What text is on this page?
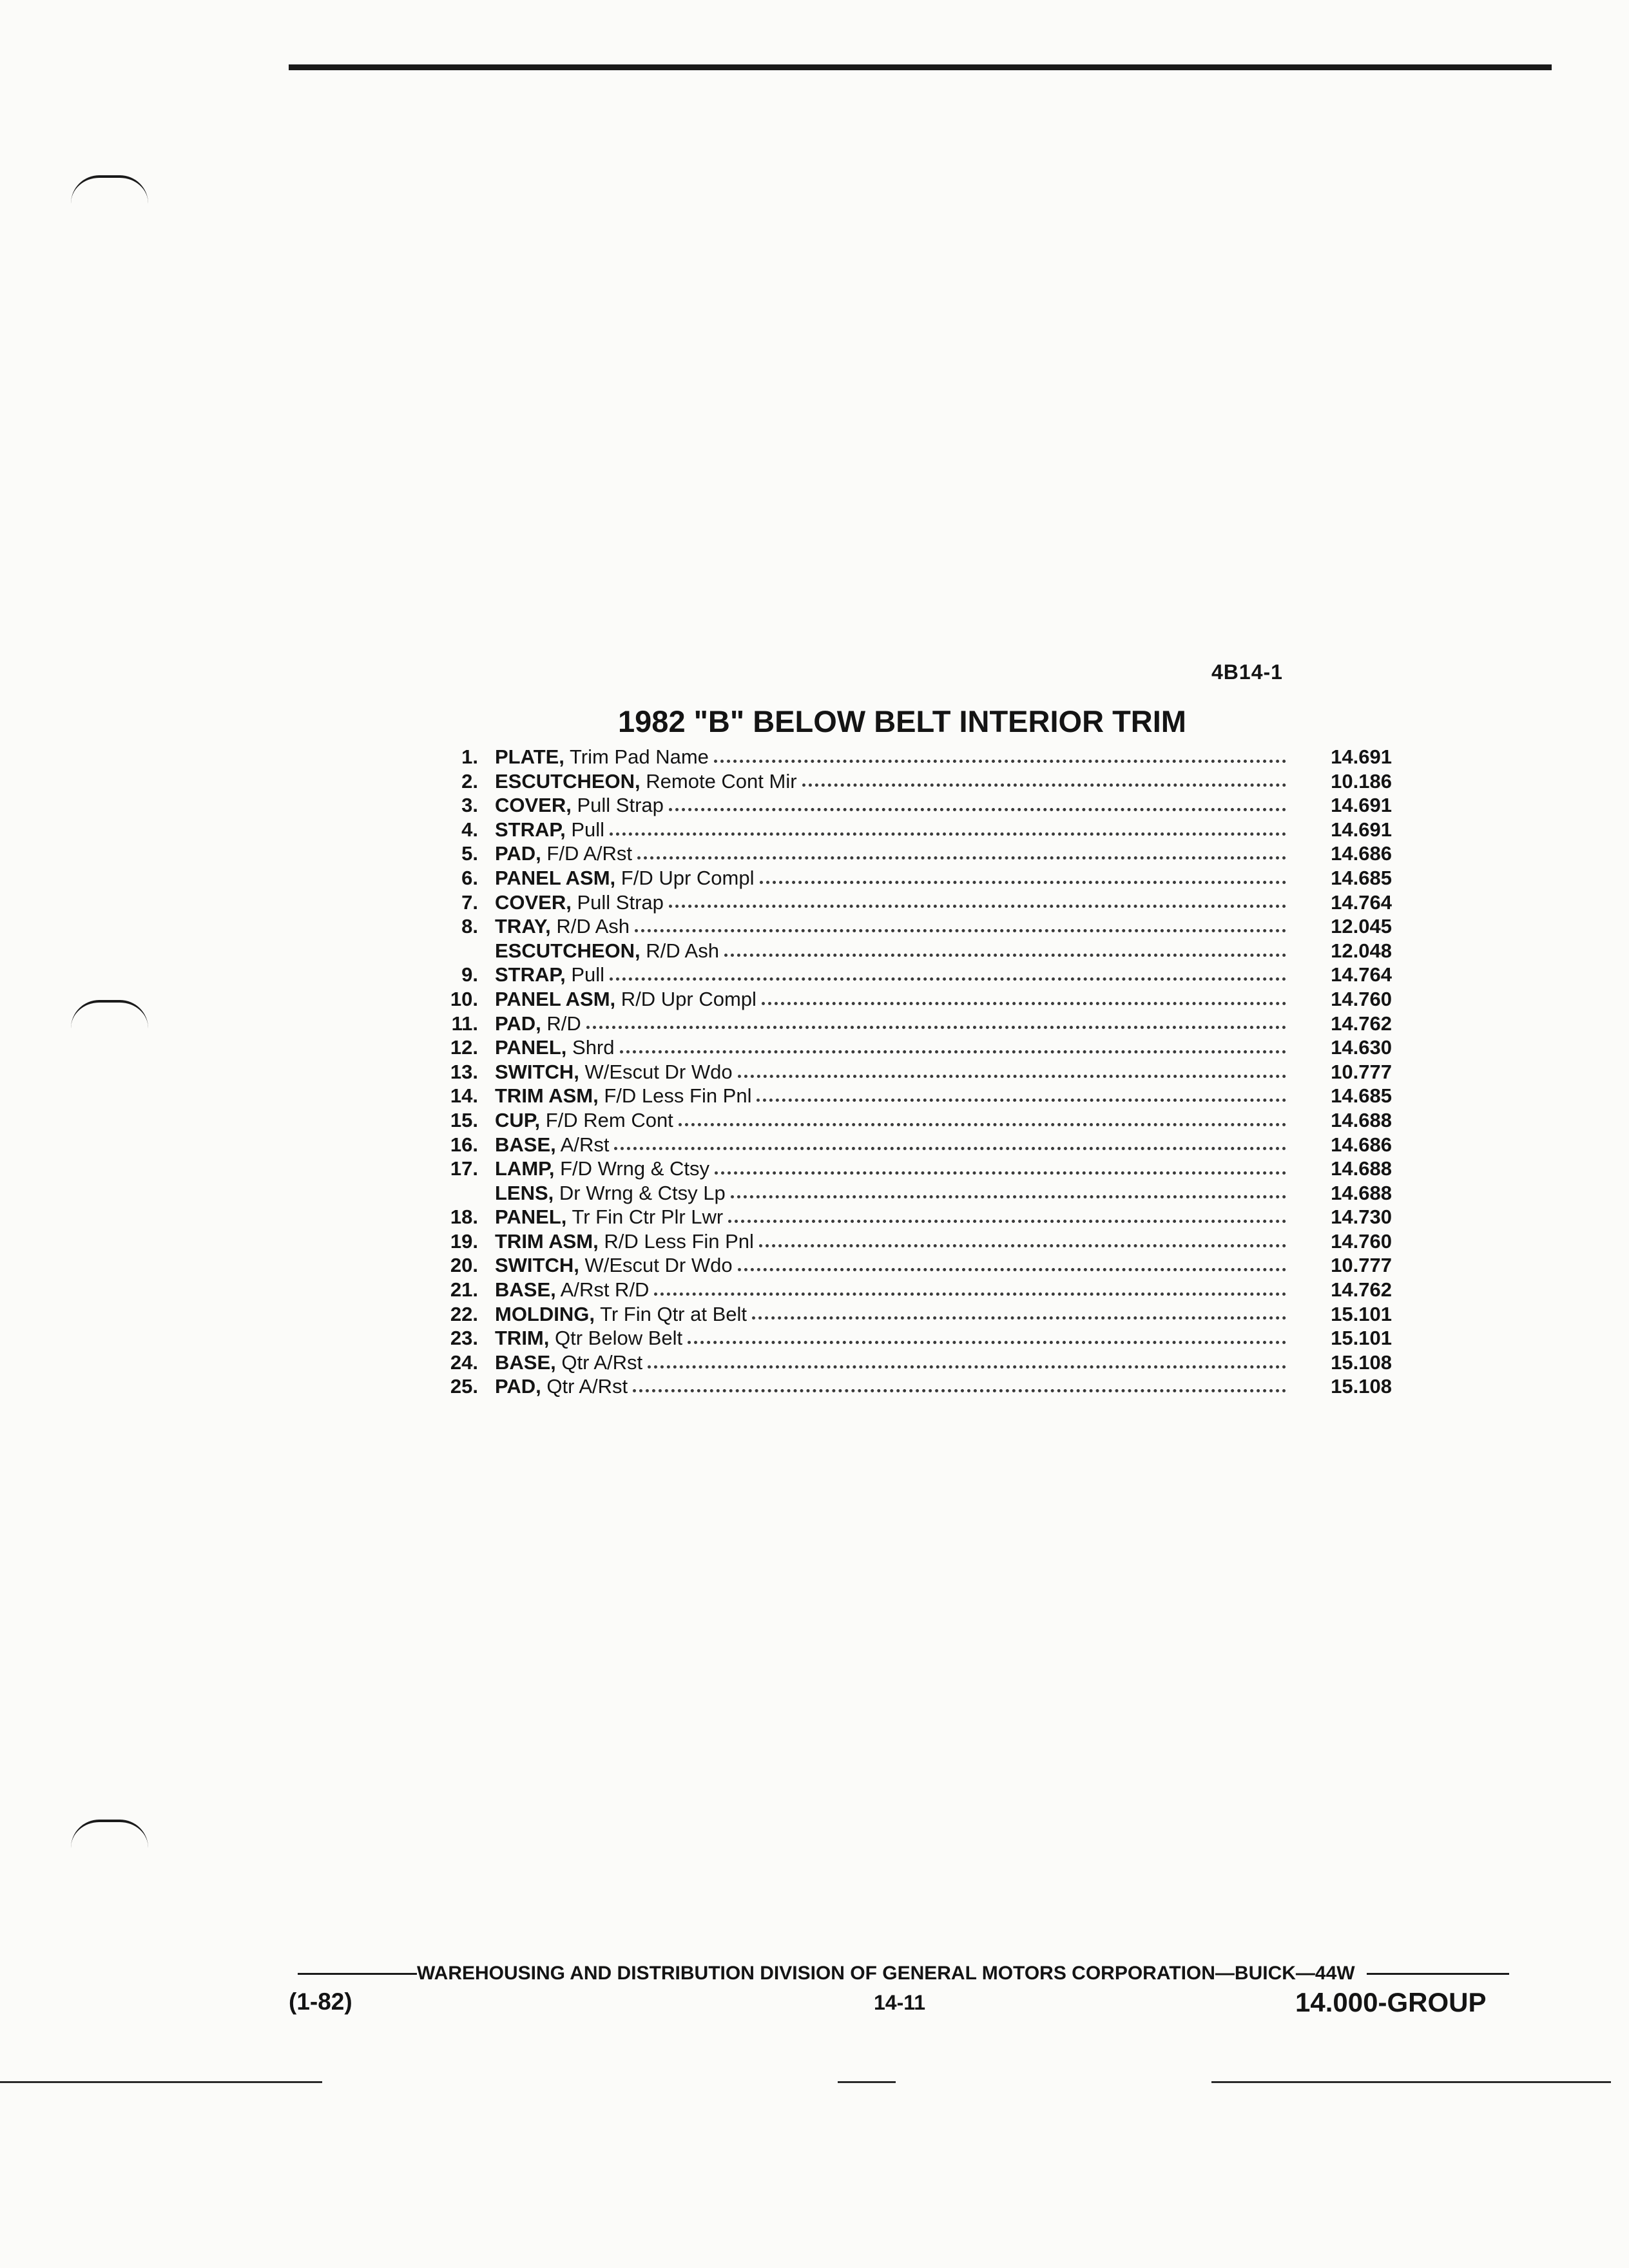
4B14-1
1982 "B" BELOW BELT INTERIOR TRIM
1. PLATE, Trim Pad Name	14.691
2. ESCUTCHEON, Remote Cont Mir	10.186
3. COVER, Pull Strap	14.691
4. STRAP, Pull	14.691
5. PAD, F/D A/Rst	14.686
6. PANEL ASM, F/D Upr Compl	14.685
7. COVER, Pull Strap	14.764
8. TRAY, R/D Ash	12.045
ESCUTCHEON, R/D Ash	12.048
9. STRAP, Pull	14.764
10. PANEL ASM, R/D Upr Compl	14.760
11. PAD, R/D	14.762
12. PANEL, Shrd	14.630
13. SWITCH, W/Escut Dr Wdo	10.777
14. TRIM ASM, F/D Less Fin Pnl	14.685
15. CUP, F/D Rem Cont	14.688
16. BASE, A/Rst	14.686
17. LAMP, F/D Wrng & Ctsy	14.688
LENS, Dr Wrng & Ctsy Lp	14.688
18. PANEL, Tr Fin Ctr Plr Lwr	14.730
19. TRIM ASM, R/D Less Fin Pnl	14.760
20. SWITCH, W/Escut Dr Wdo	10.777
21. BASE, A/Rst R/D	14.762
22. MOLDING, Tr Fin Qtr at Belt	15.101
23. TRIM, Qtr Below Belt	15.101
24. BASE, Qtr A/Rst	15.108
25. PAD, Qtr A/Rst	15.108
WAREHOUSING AND DISTRIBUTION DIVISION OF GENERAL MOTORS CORPORATION—BUICK—44W
(1-82)	14-11	14.000-GROUP
